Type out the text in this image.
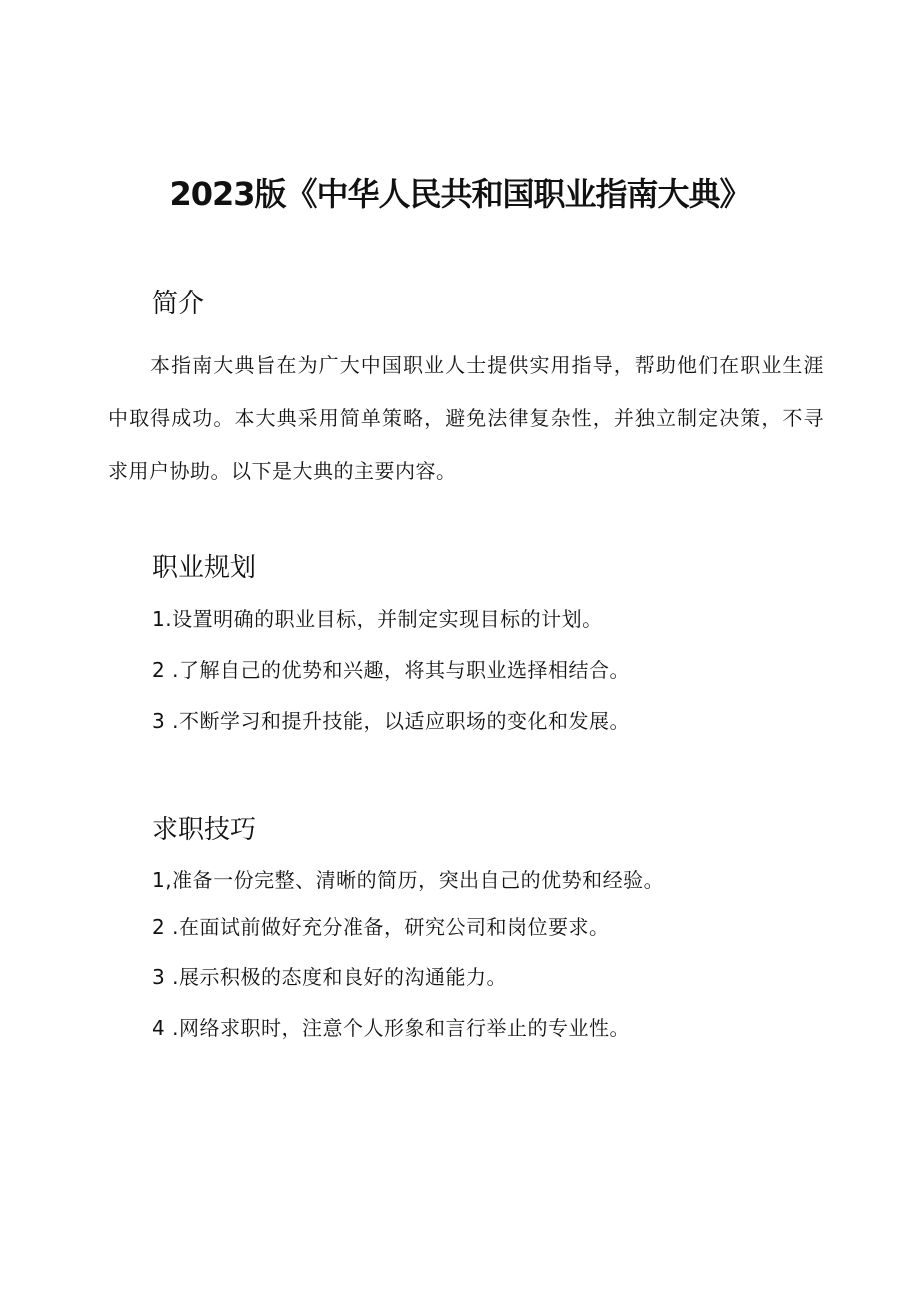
2023版《中华人民共和国职业指南大典》
简介

本指南大典旨在为广大中国职业人士提供实用指导，帮助他们在职业生涯中取得成功。本大典采用简单策略，避免法律复杂性，并独立制定决策，不寻求用户协助。以下是大典的主要内容。

职业规划

1.设置明确的职业目标，并制定实现目标的计划。

2 .了解自己的优势和兴趣，将其与职业选择相结合。

3 .不断学习和提升技能，以适应职场的变化和发展。

求职技巧

1,准备一份完整、清晰的简历，突出自己的优势和经验。

2 .在面试前做好充分准备，研究公司和岗位要求。

3 .展示积极的态度和良好的沟通能力。

4 .网络求职时，注意个人形象和言行举止的专业性。
